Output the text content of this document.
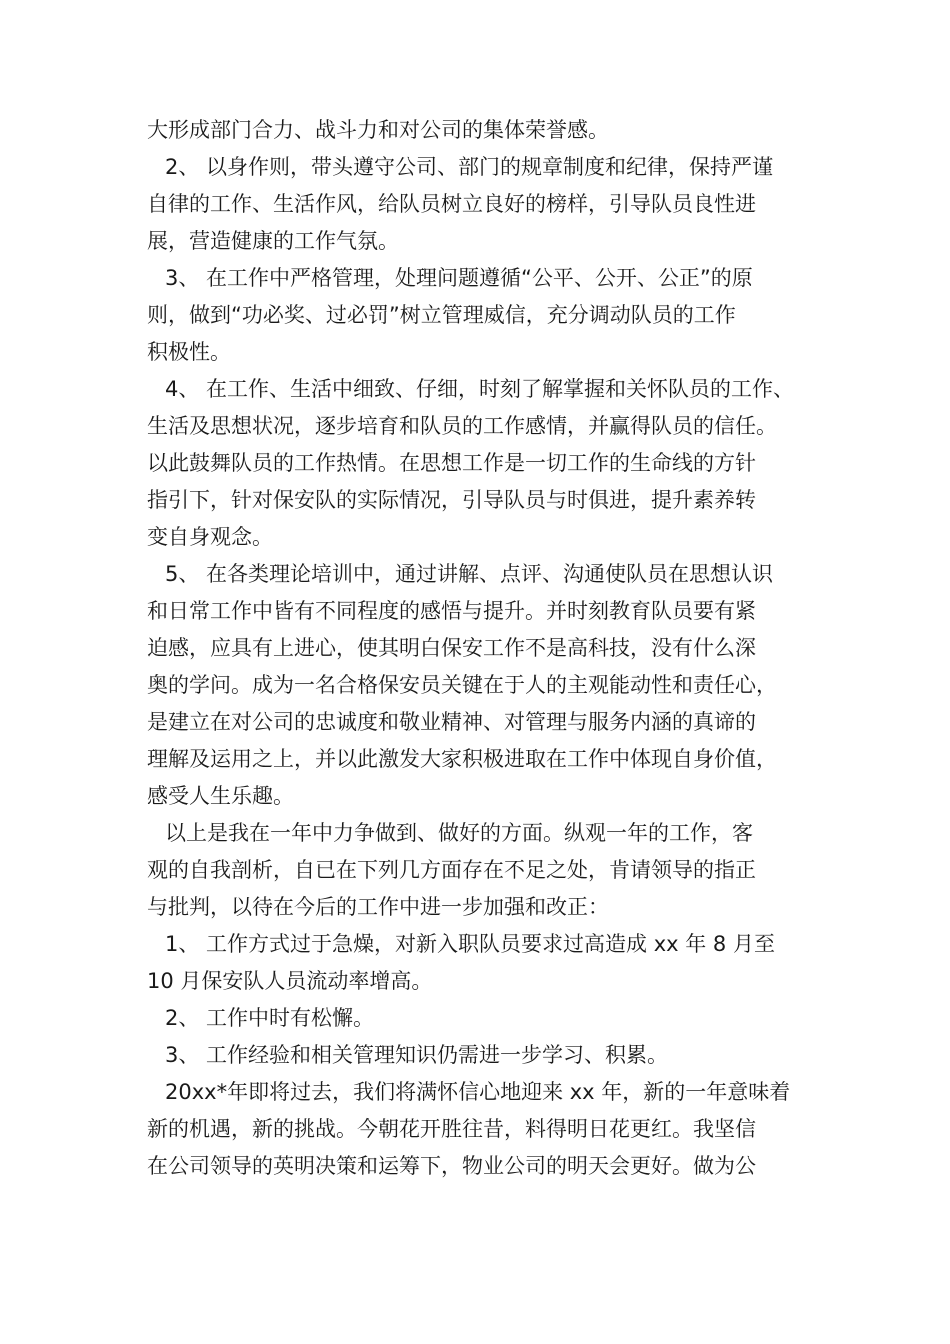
大形成部门合力、战斗力和对公司的集体荣誉感。
2、 以身作则，带头遵守公司、部门的规章制度和纪律，保持严谨
自律的工作、生活作风，给队员树立良好的榜样，引导队员良性进
展，营造健康的工作气氛。
3、 在工作中严格管理，处理问题遵循“公平、公开、公正”的原
则，做到“功必奖、过必罚”树立管理威信，充分调动队员的工作
积极性。
4、 在工作、生活中细致、仔细，时刻了解掌握和关怀队员的工作、
生活及思想状况，逐步培育和队员的工作感情，并赢得队员的信任。
以此鼓舞队员的工作热情。在思想工作是一切工作的生命线的方针
指引下，针对保安队的实际情况，引导队员与时俱进，提升素养转
变自身观念。
5、 在各类理论培训中，通过讲解、点评、沟通使队员在思想认识
和日常工作中皆有不同程度的感悟与提升。并时刻教育队员要有紧
迫感，应具有上进心，使其明白保安工作不是高科技，没有什么深
奥的学问。成为一名合格保安员关键在于人的主观能动性和责任心，
是建立在对公司的忠诚度和敬业精神、对管理与服务内涵的真谛的
理解及运用之上，并以此激发大家积极进取在工作中体现自身价值，
感受人生乐趣。
以上是我在一年中力争做到、做好的方面。纵观一年的工作，客
观的自我剖析，自已在下列几方面存在不足之处，肯请领导的指正
与批判，以待在今后的工作中进一步加强和改正：
1、 工作方式过于急燥，对新入职队员要求过高造成 xx 年 8 月至
10 月保安队人员流动率增高。
2、 工作中时有松懈。
3、 工作经验和相关管理知识仍需进一步学习、积累。
20xx*年即将过去，我们将满怀信心地迎来 xx 年，新的一年意味着
新的机遇，新的挑战。今朝花开胜往昔，料得明日花更红。我坚信
在公司领导的英明决策和运筹下，物业公司的明天会更好。做为公
